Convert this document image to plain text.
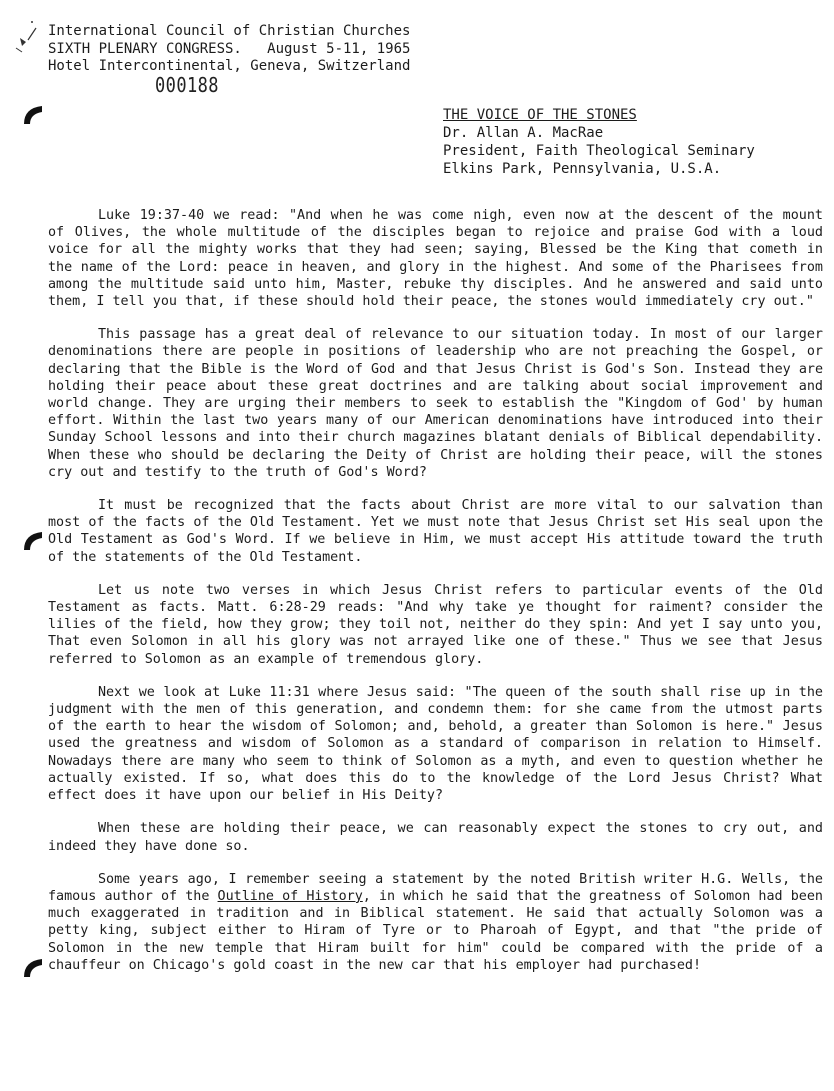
International Council of Christian Churches
SIXTH PLENARY CONGRESS.   August 5-11, 1965
Hotel Intercontinental, Geneva, Switzerland
000188
THE VOICE OF THE STONES
Dr. Allan A. MacRae
President, Faith Theological Seminary
Elkins Park, Pennsylvania, U.S.A.

Luke 19:37-40 we read: "And when he was come nigh, even now at the descent of the mount of Olives, the whole multitude of the disciples began to rejoice and praise God with a loud voice for all the mighty works that they had seen; saying, Blessed be the King that cometh in the name of the Lord: peace in heaven, and glory in the highest. And some of the Pharisees from among the multitude said unto him, Master, rebuke thy disciples. And he answered and said unto them, I tell you that, if these should hold their peace, the stones would immediately cry out."

This passage has a great deal of relevance to our situation today. In most of our larger denominations there are people in positions of leadership who are not preaching the Gospel, or declaring that the Bible is the Word of God and that Jesus Christ is God's Son. Instead they are holding their peace about these great doctrines and are talking about social improvement and world change. They are urging their members to seek to establish the "Kingdom of God' by human effort. Within the last two years many of our American denominations have introduced into their Sunday School lessons and into their church magazines blatant denials of Biblical dependability. When these who should be declaring the Deity of Christ are holding their peace, will the stones cry out and testify to the truth of God's Word?

It must be recognized that the facts about Christ are more vital to our salvation than most of the facts of the Old Testament. Yet we must note that Jesus Christ set His seal upon the Old Testament as God's Word. If we believe in Him, we must accept His attitude toward the truth of the statements of the Old Testament.

Let us note two verses in which Jesus Christ refers to particular events of the Old Testament as facts. Matt. 6:28-29 reads: "And why take ye thought for raiment? consider the lilies of the field, how they grow; they toil not, neither do they spin: And yet I say unto you, That even Solomon in all his glory was not arrayed like one of these." Thus we see that Jesus referred to Solomon as an example of tremendous glory.

Next we look at Luke 11:31 where Jesus said: "The queen of the south shall rise up in the judgment with the men of this generation, and condemn them: for she came from the utmost parts of the earth to hear the wisdom of Solomon; and, behold, a greater than Solomon is here." Jesus used the greatness and wisdom of Solomon as a standard of comparison in relation to Himself. Nowadays there are many who seem to think of Solomon as a myth, and even to question whether he actually existed. If so, what does this do to the knowledge of the Lord Jesus Christ? What effect does it have upon our belief in His Deity?

When these are holding their peace, we can reasonably expect the stones to cry out, and indeed they have done so.

Some years ago, I remember seeing a statement by the noted British writer H.G. Wells, the famous author of the Outline of History, in which he said that the greatness of Solomon had been much exaggerated in tradition and in Biblical statement. He said that actually Solomon was a petty king, subject either to Hiram of Tyre or to Pharoah of Egypt, and that "the pride of Solomon in the new temple that Hiram built for him" could be compared with the pride of a chauffeur on Chicago's gold coast in the new car that his employer had purchased!
